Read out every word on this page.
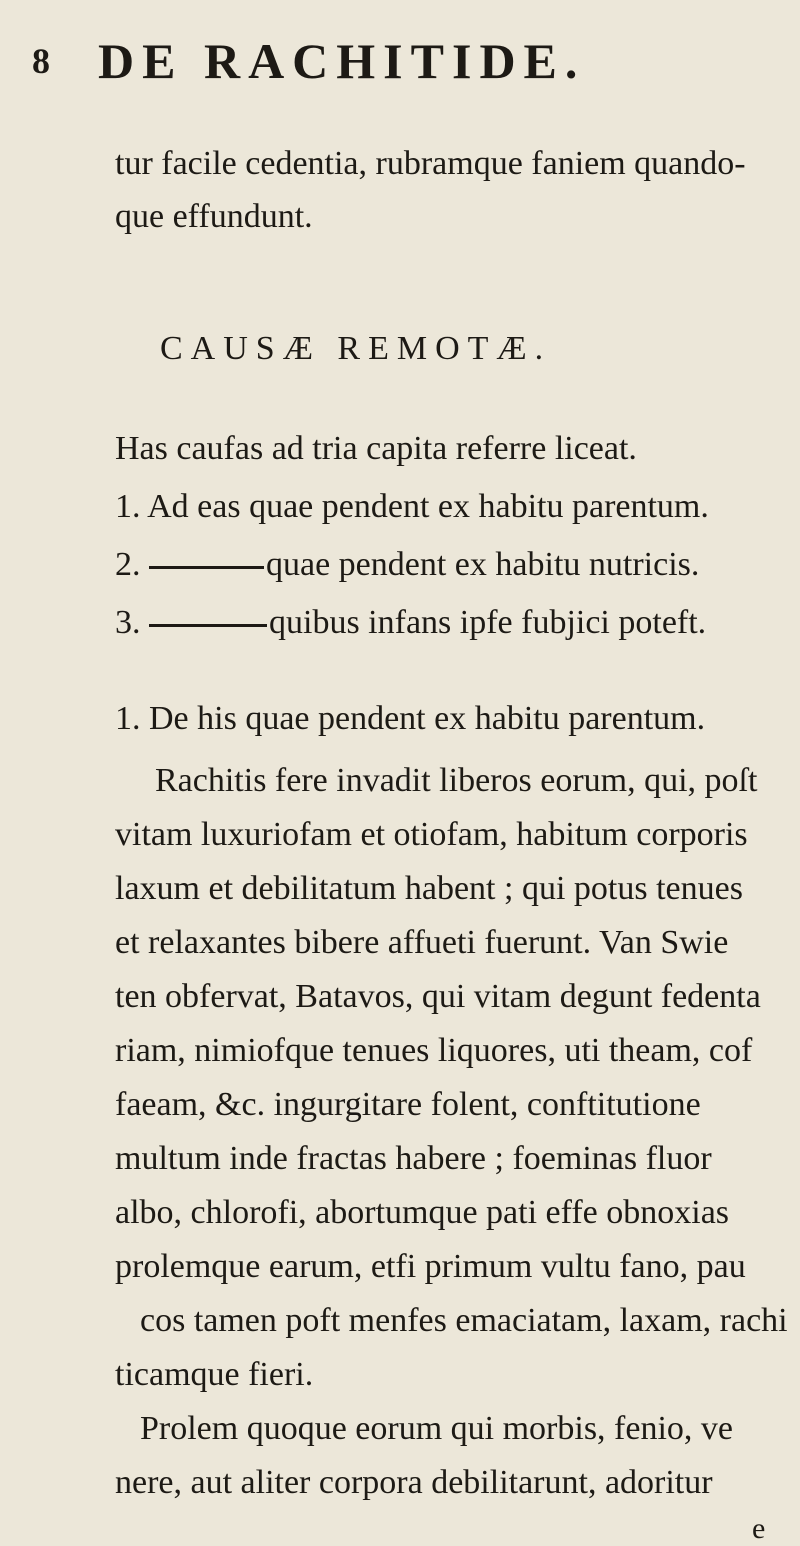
8 DE RACHITIDE.
tur facile cedentia, rubramque faniem quando-
que effundunt.
CAUSÆ REMOTÆ.
Has caufas ad tria capita referre liceat.
1. Ad eas quae pendent ex habitu parentum.
2.	quae pendent ex habitu nutricis.
3.	quibus infans ipfe fubjici poteft.
1. De his quae pendent ex habitu parentum.
Rachitis fere invadit liberos eorum, qui, poſt
vitam luxuriofam et otiofam, habitum corporis
laxum et debilitatum habent ; qui potus tenues
et relaxantes bibere affueti fuerunt. Van Swie
ten obfervat, Batavos, qui vitam degunt fedenta
riam, nimiofque tenues liquores, uti theam, cof
faeam, &c. ingurgitare folent, conftitutione
multum inde fractas habere ; foeminas fluor
albo, chlorofi, abortumque pati effe obnoxias
prolemque earum, etfi primum vultu fano, pau
cos tamen poft menfes emaciatam, laxam, rachi
ticamque fieri.
Prolem quoque eorum qui morbis, fenio, ve
e
nere, aut aliter corpora debilitarunt, adoritur
